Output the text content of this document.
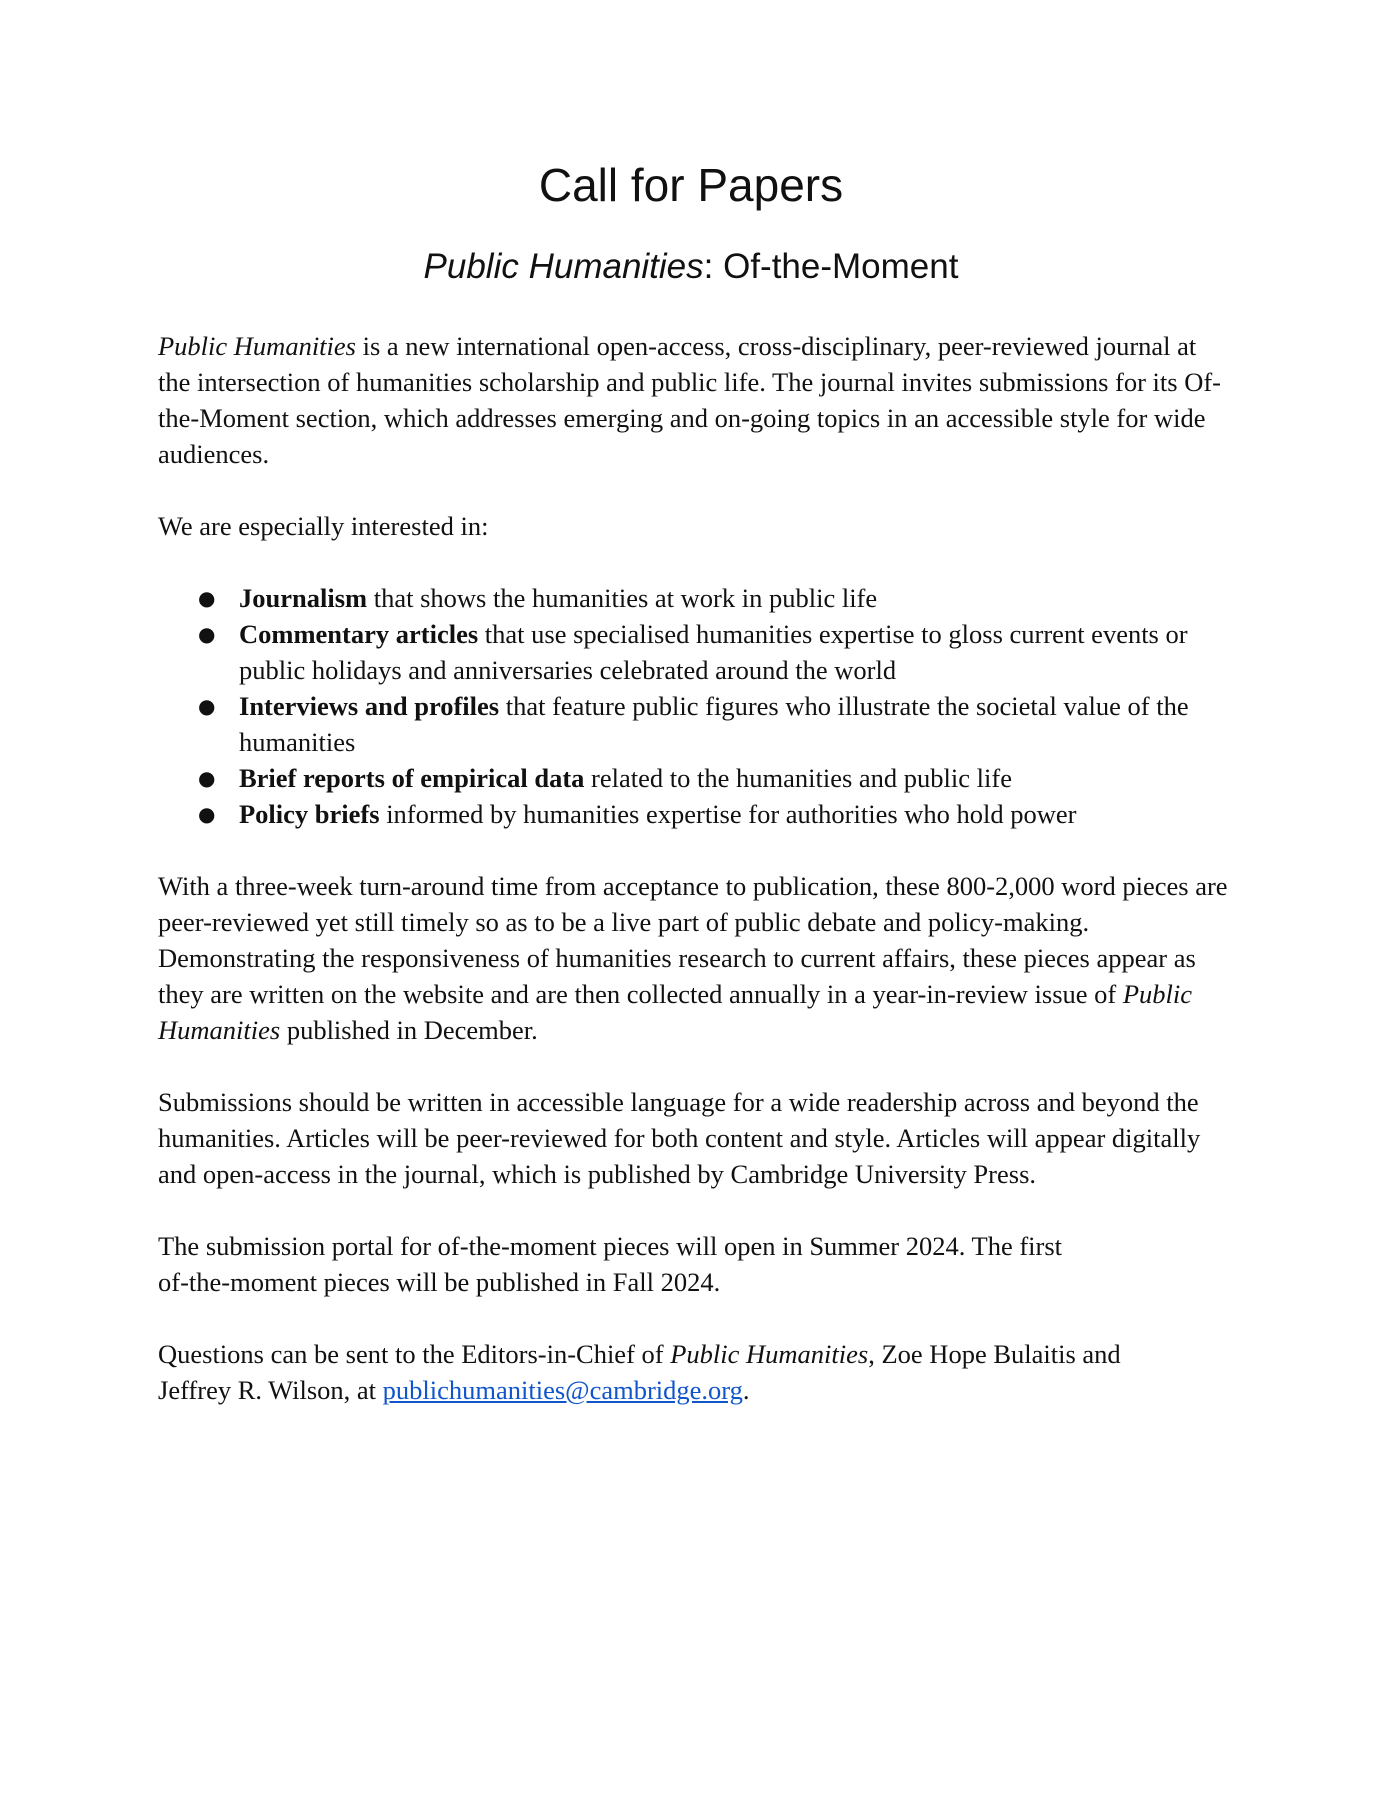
Call for Papers
Public Humanities: Of-the-Moment

Public Humanities is a new international open-access, cross-disciplinary, peer-reviewed journal at the intersection of humanities scholarship and public life. The journal invites submissions for its Of-the-Moment section, which addresses emerging and on-going topics in an accessible style for wide audiences.

We are especially interested in:

● Journalism that shows the humanities at work in public life
● Commentary articles that use specialised humanities expertise to gloss current events or public holidays and anniversaries celebrated around the world
● Interviews and profiles that feature public figures who illustrate the societal value of the humanities
● Brief reports of empirical data related to the humanities and public life
● Policy briefs informed by humanities expertise for authorities who hold power

With a three-week turn-around time from acceptance to publication, these 800-2,000 word pieces are peer-reviewed yet still timely so as to be a live part of public debate and policy-making. Demonstrating the responsiveness of humanities research to current affairs, these pieces appear as they are written on the website and are then collected annually in a year-in-review issue of Public Humanities published in December.

Submissions should be written in accessible language for a wide readership across and beyond the humanities. Articles will be peer-reviewed for both content and style. Articles will appear digitally and open-access in the journal, which is published by Cambridge University Press.

The submission portal for of-the-moment pieces will open in Summer 2024. The first
of-the-moment pieces will be published in Fall 2024.

Questions can be sent to the Editors-in-Chief of Public Humanities, Zoe Hope Bulaitis and
Jeffrey R. Wilson, at publichumanities@cambridge.org.
